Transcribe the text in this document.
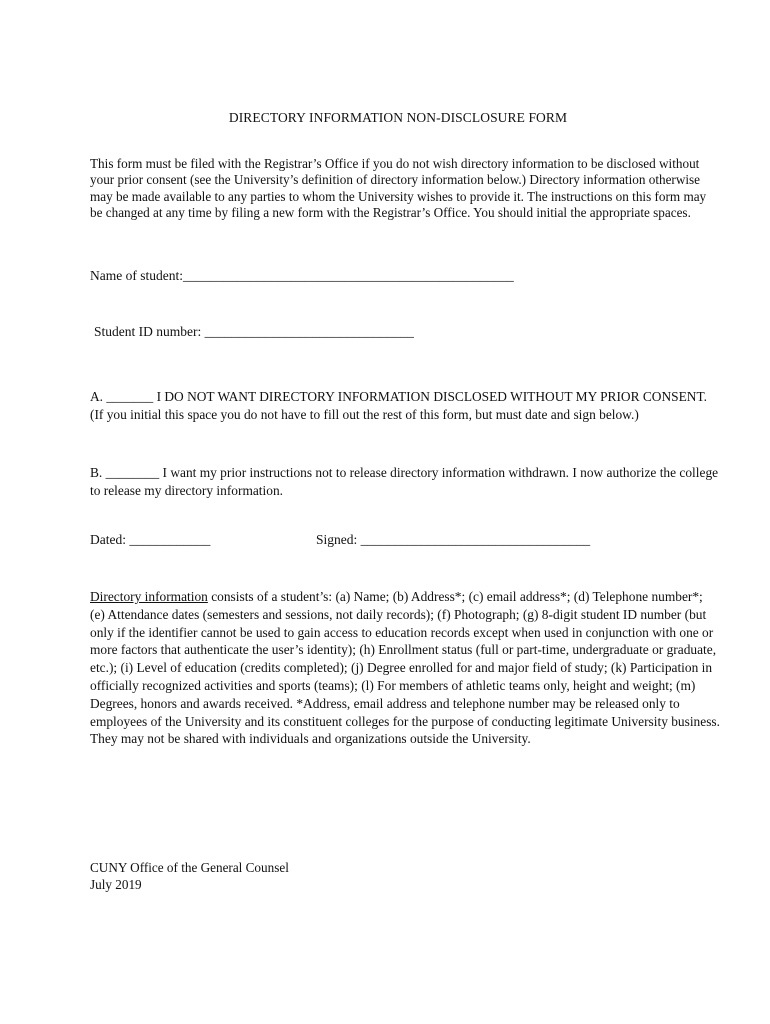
DIRECTORY INFORMATION NON-DISCLOSURE FORM
This form must be filed with the Registrar’s Office if you do not wish directory information to be disclosed without your prior consent (see the University’s definition of directory information below.) Directory information otherwise may be made available to any parties to whom the University wishes to provide it. The instructions on this form may be changed at any time by filing a new form with the Registrar’s Office. You should initial the appropriate spaces.
Name of student:_________________________________________________
Student ID number: _______________________________
A. _______ I DO NOT WANT DIRECTORY INFORMATION DISCLOSED WITHOUT MY PRIOR CONSENT. (If you initial this space you do not have to fill out the rest of this form, but must date and sign below.)
B. ________ I want my prior instructions not to release directory information withdrawn. I now authorize the college to release my directory information.
Dated: ____________	Signed: __________________________________
Directory information consists of a student’s: (a) Name; (b) Address*; (c) email address*; (d) Telephone number*; (e) Attendance dates (semesters and sessions, not daily records); (f) Photograph; (g) 8-digit student ID number (but only if the identifier cannot be used to gain access to education records except when used in conjunction with one or more factors that authenticate the user’s identity); (h) Enrollment status (full or part-time, undergraduate or graduate, etc.); (i) Level of education (credits completed); (j) Degree enrolled for and major field of study; (k) Participation in officially recognized activities and sports (teams); (l) For members of athletic teams only, height and weight; (m) Degrees, honors and awards received. *Address, email address and telephone number may be released only to employees of the University and its constituent colleges for the purpose of conducting legitimate University business. They may not be shared with individuals and organizations outside the University.
CUNY Office of the General Counsel
July 2019
